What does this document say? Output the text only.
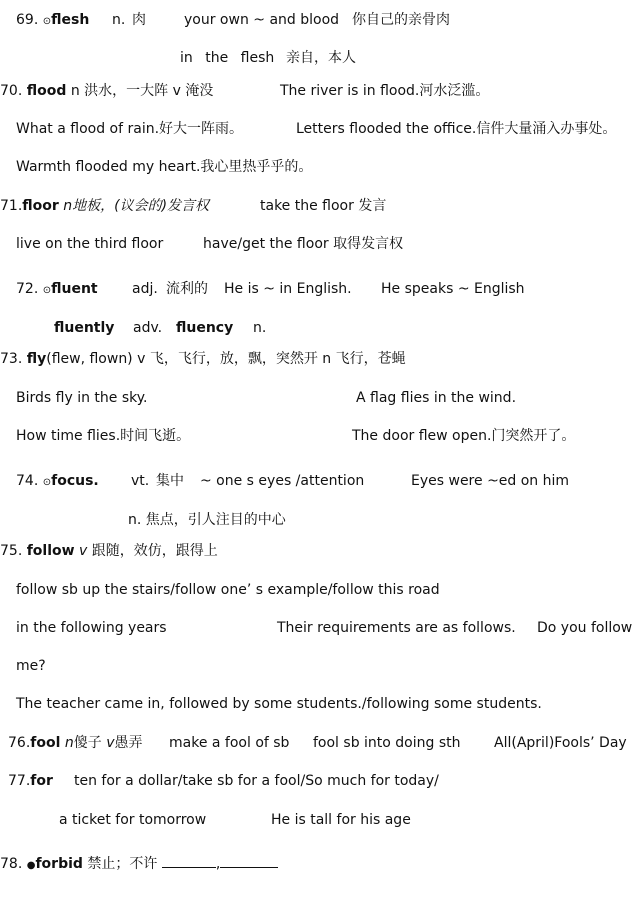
69. ⊙flesh n. 肉	your own ~ and blood 你自己的亲骨肉
in the flesh 亲自，本人
70. flood n 洪水，一大阵 v 淹没	The river is in flood.河水泛滥。
What a flood of rain.好大一阵雨。	Letters flooded the office.信件大量涌入办事处。
Warmth flooded my heart.我心里热乎乎的。
71.floor n地板，(议会的)发言权	take the floor 发言
live on the third floor	have/get the floor 取得发言权
72. ⊙fluent adj. 流利的 He is ~ in English. He speaks ~ English
fluently adv. fluency n.
73. fly(flew, flown) v 飞，飞行，放，飘，突然开 n 飞行，苍蝇
Birds fly in the sky.	A flag flies in the wind.
How time flies.时间飞逝。	The door flew open.门突然开了。
74. ⊙focus. vt. 集中 ~ one s eyes /attention	Eyes were ~ed on him
n. 焦点，引人注目的中心
75. follow v 跟随，效仿，跟得上
follow sb up the stairs/follow one’ s example/follow this road
in the following years	Their requirements are as follows. Do you follow
me?
The teacher came in, followed by some students./following some students.
76.fool n傻子 v愚弄 make a fool of sb fool sb into doing sth All(April)Fools’ Day
77.for ten for a dollar/take sb for a fool/So much for today/
a ticket for tomorrow	He is tall for his age
78. ●forbid 禁止；不许	,
